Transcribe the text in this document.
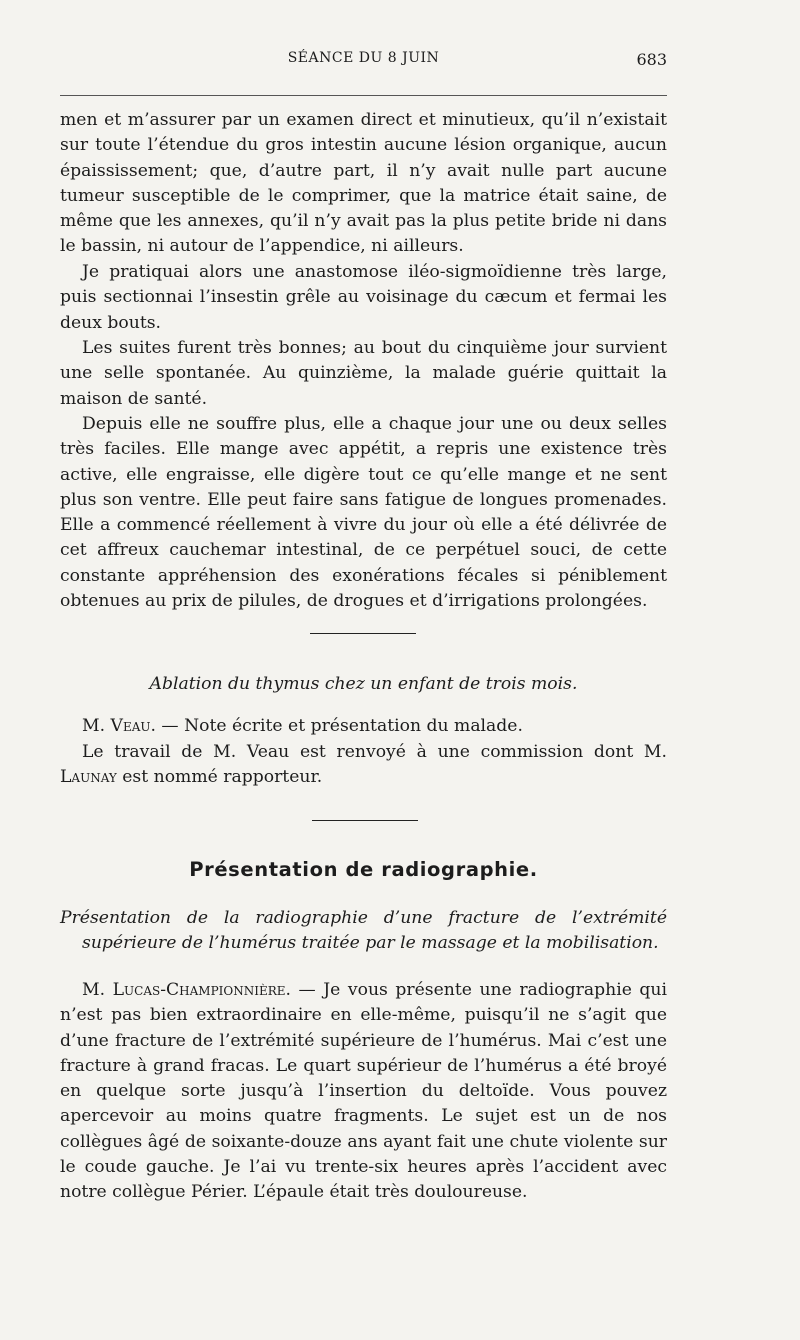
SÉANCE DU 8 JUIN	683

men et m’assurer par un examen direct et minutieux, qu’il n’existait sur toute l’étendue du gros intestin aucune lésion organique, aucun épaississement; que, d’autre part, il n’y avait nulle part aucune tumeur susceptible de le comprimer, que la matrice était saine, de même que les annexes, qu’il n’y avait pas la plus petite bride ni dans le bassin, ni autour de l’appendice, ni ailleurs.

Je pratiquai alors une anastomose iléo-sigmoïdienne très large, puis sectionnai l’insestin grêle au voisinage du cæcum et fermai les deux bouts.

Les suites furent très bonnes; au bout du cinquième jour survient une selle spontanée. Au quinzième, la malade guérie quittait la maison de santé.

Depuis elle ne souffre plus, elle a chaque jour une ou deux selles très faciles. Elle mange avec appétit, a repris une existence très active, elle engraisse, elle digère tout ce qu’elle mange et ne sent plus son ventre. Elle peut faire sans fatigue de longues promenades. Elle a commencé réellement à vivre du jour où elle a été délivrée de cet affreux cauchemar intestinal, de ce perpétuel souci, de cette constante appréhension des exonérations fécales si péniblement obtenues au prix de pilules, de drogues et d’irrigations prolongées.

Ablation du thymus chez un enfant de trois mois.

M. Veau. — Note écrite et présentation du malade.

Le travail de M. Veau est renvoyé à une commission dont M. Launay est nommé rapporteur.

Présentation de radiographie.

Présentation de la radiographie d’une fracture de l’extrémité supérieure de l’humérus traitée par le massage et la mobilisation.

M. Lucas-Championnière. — Je vous présente une radiographie qui n’est pas bien extraordinaire en elle-même, puisqu’il ne s’agit que d’une fracture de l’extrémité supérieure de l’humérus. Mai c’est une fracture à grand fracas. Le quart supérieur de l’humérus a été broyé en quelque sorte jusqu’à l’insertion du deltoïde. Vous pouvez apercevoir au moins quatre fragments. Le sujet est un de nos collègues âgé de soixante-douze ans ayant fait une chute violente sur le coude gauche. Je l’ai vu trente-six heures après l’accident avec notre collègue Périer. L’épaule était très douloureuse.
